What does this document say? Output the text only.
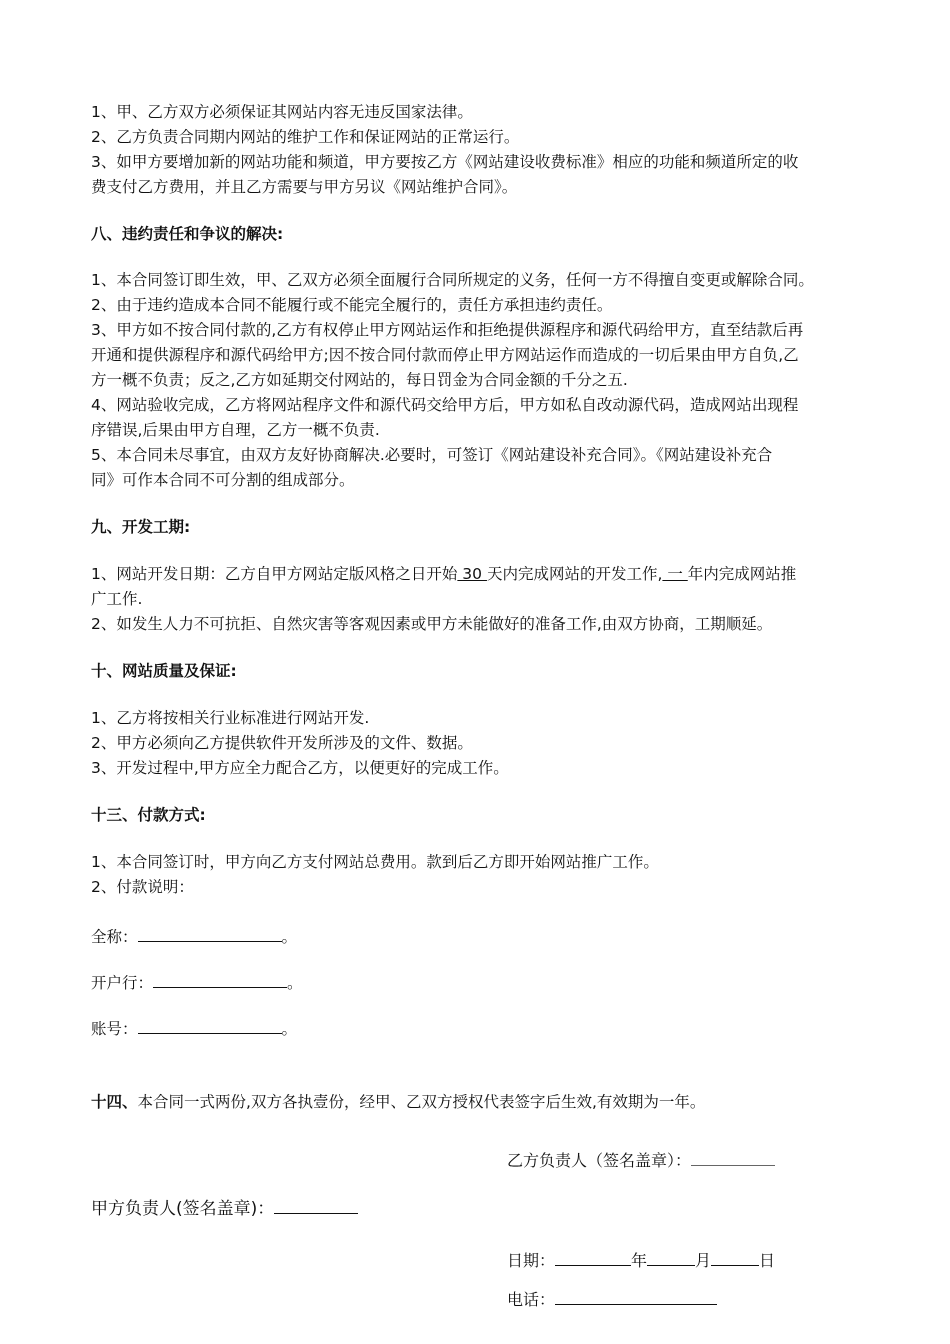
1、甲、乙方双方必须保证其网站内容无违反国家法律。
2、乙方负责合同期内网站的维护工作和保证网站的正常运行。
3、如甲方要增加新的网站功能和频道，甲方要按乙方《网站建设收费标准》相应的功能和频道所定的收
费支付乙方费用，并且乙方需要与甲方另议《网站维护合同》。
八、违约责任和争议的解决:
1、本合同签订即生效，甲、乙双方必须全面履行合同所规定的义务，任何一方不得擅自变更或解除合同。
2、由于违约造成本合同不能履行或不能完全履行的，责任方承担违约责任。
3、甲方如不按合同付款的,乙方有权停止甲方网站运作和拒绝提供源程序和源代码给甲方，直至结款后再
开通和提供源程序和源代码给甲方;因不按合同付款而停止甲方网站运作而造成的一切后果由甲方自负,乙
方一概不负责；反之,乙方如延期交付网站的，每日罚金为合同金额的千分之五.
4、网站验收完成，乙方将网站程序文件和源代码交给甲方后，甲方如私自改动源代码，造成网站出现程
序错误,后果由甲方自理，乙方一概不负责.
5、本合同未尽事宜，由双方友好协商解决.必要时，可签订《网站建设补充合同》。《网站建设补充合
同》可作本合同不可分割的组成部分。
九、开发工期:
1、网站开发日期：乙方自甲方网站定版风格之日开始 30 天内完成网站的开发工作, 一 年内完成网站推
广工作.
2、如发生人力不可抗拒、自然灾害等客观因素或甲方未能做好的准备工作,由双方协商，工期顺延。
十、网站质量及保证:
1、乙方将按相关行业标准进行网站开发.
2、甲方必须向乙方提供软件开发所涉及的文件、数据。
3、开发过程中,甲方应全力配合乙方，以便更好的完成工作。
十三、付款方式:
1、本合同签订时，甲方向乙方支付网站总费用。款到后乙方即开始网站推广工作。
2、付款说明：
全称：	。
开户行：	。
账号：	。
十四、本合同一式两份,双方各执壹份，经甲、乙双方授权代表签字后生效,有效期为一年。
乙方负责人（签名盖章）：
甲方负责人(签名盖章)：
日期：	年	月	日
电话：
